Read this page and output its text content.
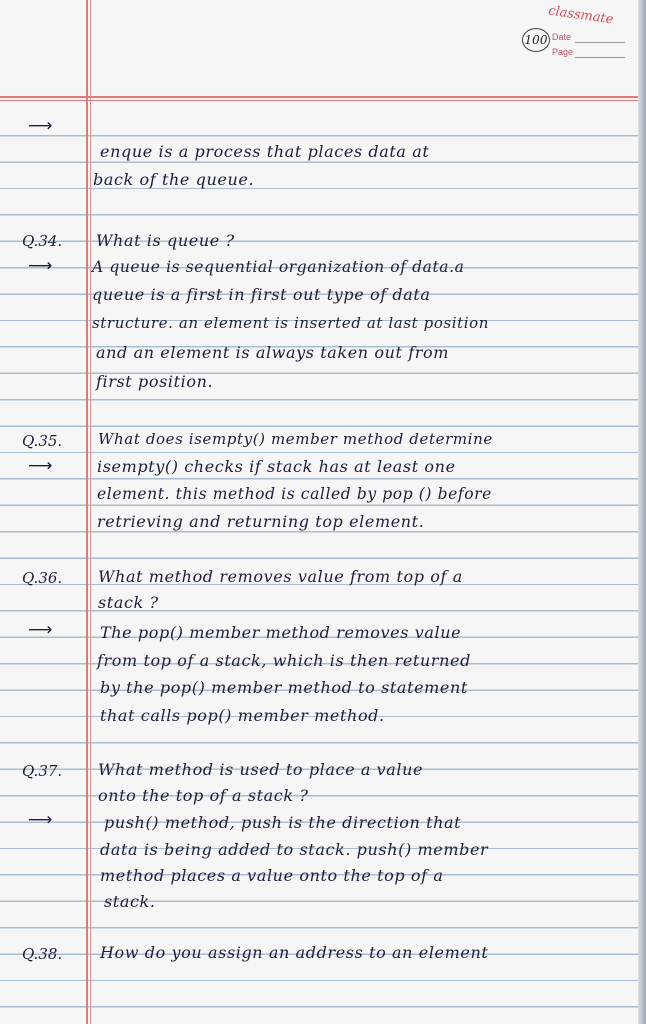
classmate
100 Date
Page
⟶
enque is a process that places data at
back of the queue.
Q.34. What is queue ?
⟶	A queue is sequential organization of data.a
queue is a first in first out type of data
structure. an element is inserted at last position
and an element is always taken out from
first position.
Q.35. What does isempty() member method determine
⟶	isempty() checks if stack has at least one
element. this method is called by pop () before
retrieving and returning top element.
Q.36. What method removes value from top of a
stack ?
⟶	The pop() member method removes value
from top of a stack, which is then returned
by the pop() member method to statement
that calls pop() member method.
Q.37. What method is used to place a value
onto the top of a stack ?
⟶	push() method, push is the direction that
data is being added to stack. push() member
method places a value onto the top of a
stack.
Q.38. How do you assign an address to an element
